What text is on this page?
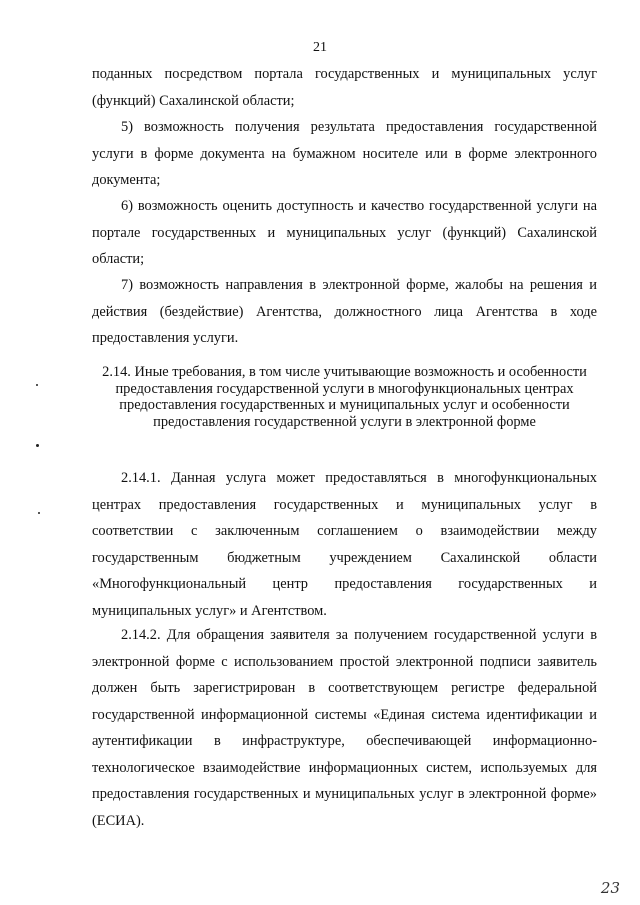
21

поданных посредством портала государственных и муниципальных услуг (функций) Сахалинской области;

5) возможность получения результата предоставления государственной услуги в форме документа на бумажном носителе или в форме электронного документа;

6) возможность оценить доступность и качество государственной услуги на портале государственных и муниципальных услуг (функций) Сахалинской области;

7) возможность направления в электронной форме, жалобы на решения и действия (бездействие) Агентства, должностного лица Агентства в ходе предоставления услуги.

2.14. Иные требования, в том числе учитывающие возможность и особенности предоставления государственной услуги в многофункциональных центрах предоставления государственных и муниципальных услуг и особенности предоставления государственной услуги в электронной форме

2.14.1. Данная услуга может предоставляться в многофункциональных центрах предоставления государственных и муниципальных услуг в соответствии с заключенным соглашением о взаимодействии между государственным бюджетным учреждением Сахалинской области «Многофункциональный центр предоставления государственных и муниципальных услуг» и Агентством.

2.14.2. Для обращения заявителя за получением государственной услуги в электронной форме с использованием простой электронной подписи заявитель должен быть зарегистрирован в соответствующем регистре федеральной государственной информационной системы «Единая система идентификации и аутентификации в инфраструктуре, обеспечивающей информационно-технологическое взаимодействие информационных систем, используемых для предоставления государственных и муниципальных услуг в электронной форме» (ЕСИА).

23
